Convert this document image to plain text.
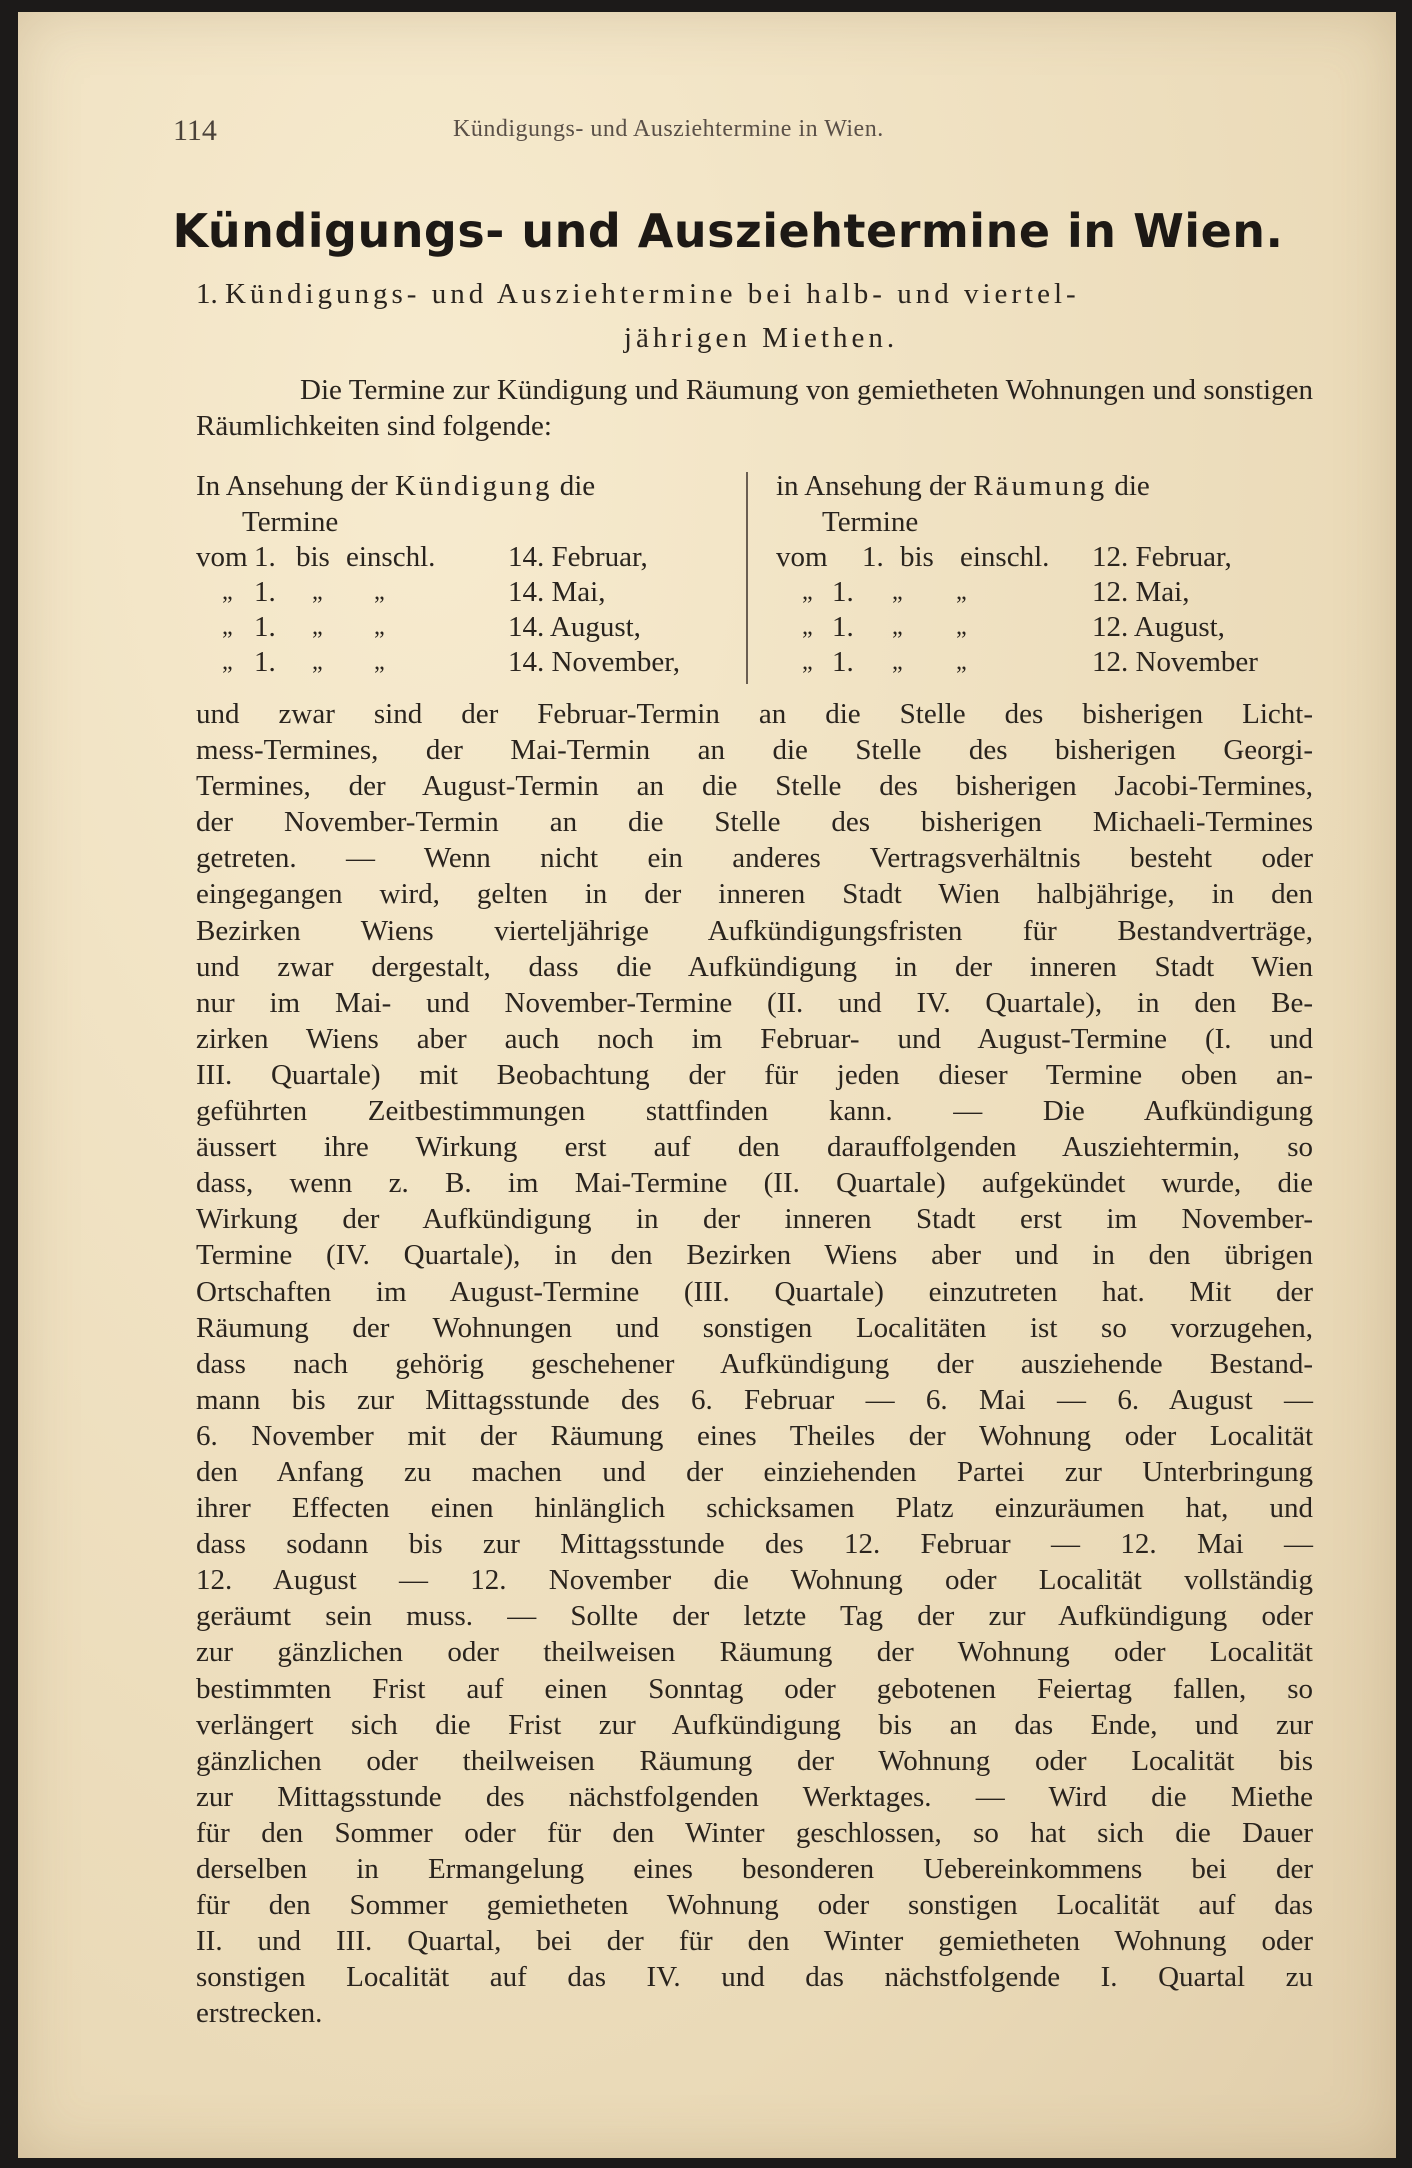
114	Kündigungs- und Ausziehtermine in Wien.
Kündigungs- und Ausziehtermine in Wien.
1. Kündigungs- und Ausziehtermine bei halb- und viertel-
jährigen Miethen.
Die Termine zur Kündigung und Räumung von gemietheten Wohnungen und sonstigen Räumlichkeiten sind folgende:
In Ansehung der Kündigung die
Termine
vom 1. bis einschl.	14. Februar,
„ 1. „ „	14. Mai,
„ 1. „ „	14. August,
„ 1. „ „	14. November,
in Ansehung der Räumung die
Termine
vom 1. bis einschl. 12. Februar,
„ 1. „ „	12. Mai,
„ 1. „ „	12. August,
„ 1. „ „	12. November
und zwar sind der Februar-Termin an die Stelle des bisherigen Licht-
mess-Termines, der Mai-Termin an die Stelle des bisherigen Georgi-
Termines, der August-Termin an die Stelle des bisherigen Jacobi-Termines,
der November-Termin an die Stelle des bisherigen Michaeli-Termines
getreten. — Wenn nicht ein anderes Vertragsverhältnis besteht oder
eingegangen wird, gelten in der inneren Stadt Wien halbjährige, in den
Bezirken Wiens vierteljährige Aufkündigungsfristen für Bestandverträge,
und zwar dergestalt, dass die Aufkündigung in der inneren Stadt Wien
nur im Mai- und November-Termine (II. und IV. Quartale), in den Be-
zirken Wiens aber auch noch im Februar- und August-Termine (I. und
III. Quartale) mit Beobachtung der für jeden dieser Termine oben an-
geführten Zeitbestimmungen stattfinden kann. — Die Aufkündigung
äussert ihre Wirkung erst auf den darauffolgenden Ausziehtermin, so
dass, wenn z. B. im Mai-Termine (II. Quartale) aufgekündet wurde, die
Wirkung der Aufkündigung in der inneren Stadt erst im November-
Termine (IV. Quartale), in den Bezirken Wiens aber und in den übrigen
Ortschaften im August-Termine (III. Quartale) einzutreten hat. Mit der
Räumung der Wohnungen und sonstigen Localitäten ist so vorzugehen,
dass nach gehörig geschehener Aufkündigung der ausziehende Bestand-
mann bis zur Mittagsstunde des 6. Februar — 6. Mai — 6. August —
6. November mit der Räumung eines Theiles der Wohnung oder Localität
den Anfang zu machen und der einziehenden Partei zur Unterbringung
ihrer Effecten einen hinlänglich schicksamen Platz einzuräumen hat, und
dass sodann bis zur Mittagsstunde des 12. Februar — 12. Mai —
12. August — 12. November die Wohnung oder Localität vollständig
geräumt sein muss. — Sollte der letzte Tag der zur Aufkündigung oder
zur gänzlichen oder theilweisen Räumung der Wohnung oder Localität
bestimmten Frist auf einen Sonntag oder gebotenen Feiertag fallen, so
verlängert sich die Frist zur Aufkündigung bis an das Ende, und zur
gänzlichen oder theilweisen Räumung der Wohnung oder Localität bis
zur Mittagsstunde des nächstfolgenden Werktages. — Wird die Miethe
für den Sommer oder für den Winter geschlossen, so hat sich die Dauer
derselben in Ermangelung eines besonderen Uebereinkommens bei der
für den Sommer gemietheten Wohnung oder sonstigen Localität auf das
II. und III. Quartal, bei der für den Winter gemietheten Wohnung oder
sonstigen Localität auf das IV. und das nächstfolgende I. Quartal zu
erstrecken.
